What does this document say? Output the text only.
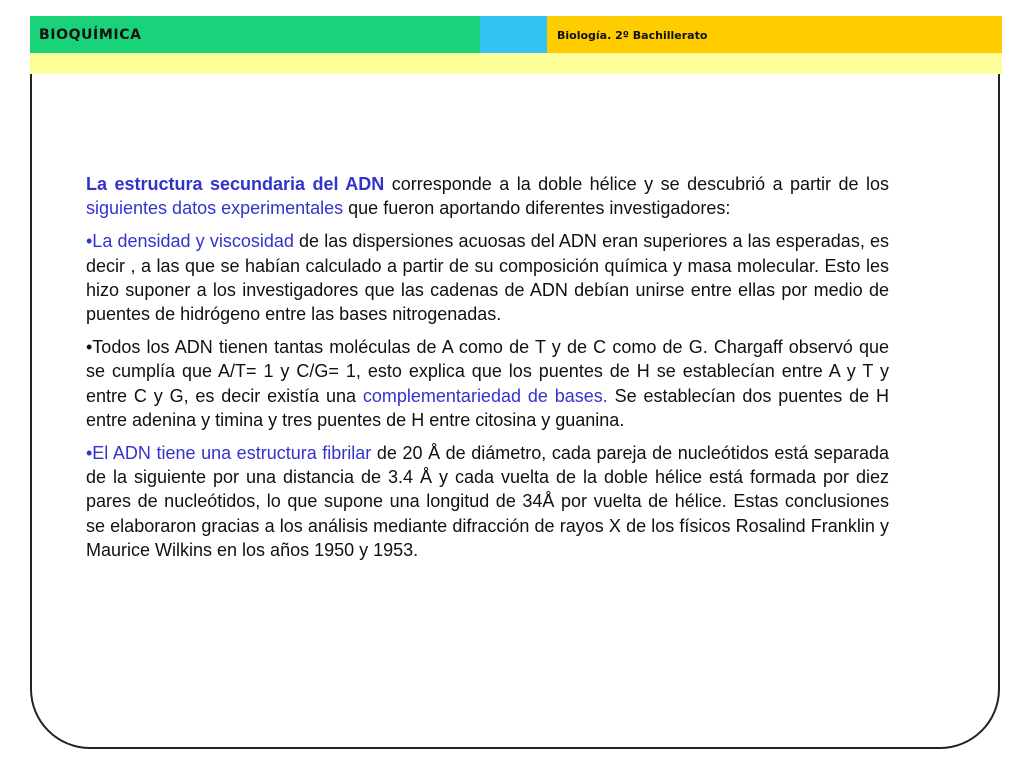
BIOQUÍMICA	Biología. 2º Bachillerato

La estructura secundaria del ADN corresponde a la doble hélice y se descubrió a partir de los siguientes datos experimentales que fueron aportando diferentes investigadores:

•La densidad y viscosidad de las dispersiones acuosas del ADN eran superiores a las esperadas, es decir , a las que se habían calculado a partir de su composición química y masa molecular. Esto les hizo suponer a los investigadores que las cadenas de ADN debían unirse entre ellas por medio de puentes de hidrógeno entre las bases nitrogenadas.

•Todos los ADN tienen tantas moléculas de A como de T y de C como de G. Chargaff observó que se cumplía que A/T= 1 y C/G= 1, esto explica que los puentes de H se establecían entre A y T y entre C y G, es decir existía una complementariedad de bases. Se establecían dos puentes de H entre adenina y timina y tres puentes de H entre citosina y guanina.

•El ADN tiene una estructura fibrilar de 20 Å de diámetro, cada pareja de nucleótidos está separada de la siguiente por una distancia de 3.4 Å y cada vuelta de la doble hélice está formada por diez pares de nucleótidos, lo que supone una longitud de 34Å por vuelta de hélice. Estas conclusiones se elaboraron gracias a los análisis mediante difracción de rayos X de los físicos Rosalind Franklin y Maurice Wilkins en los años 1950 y 1953.
